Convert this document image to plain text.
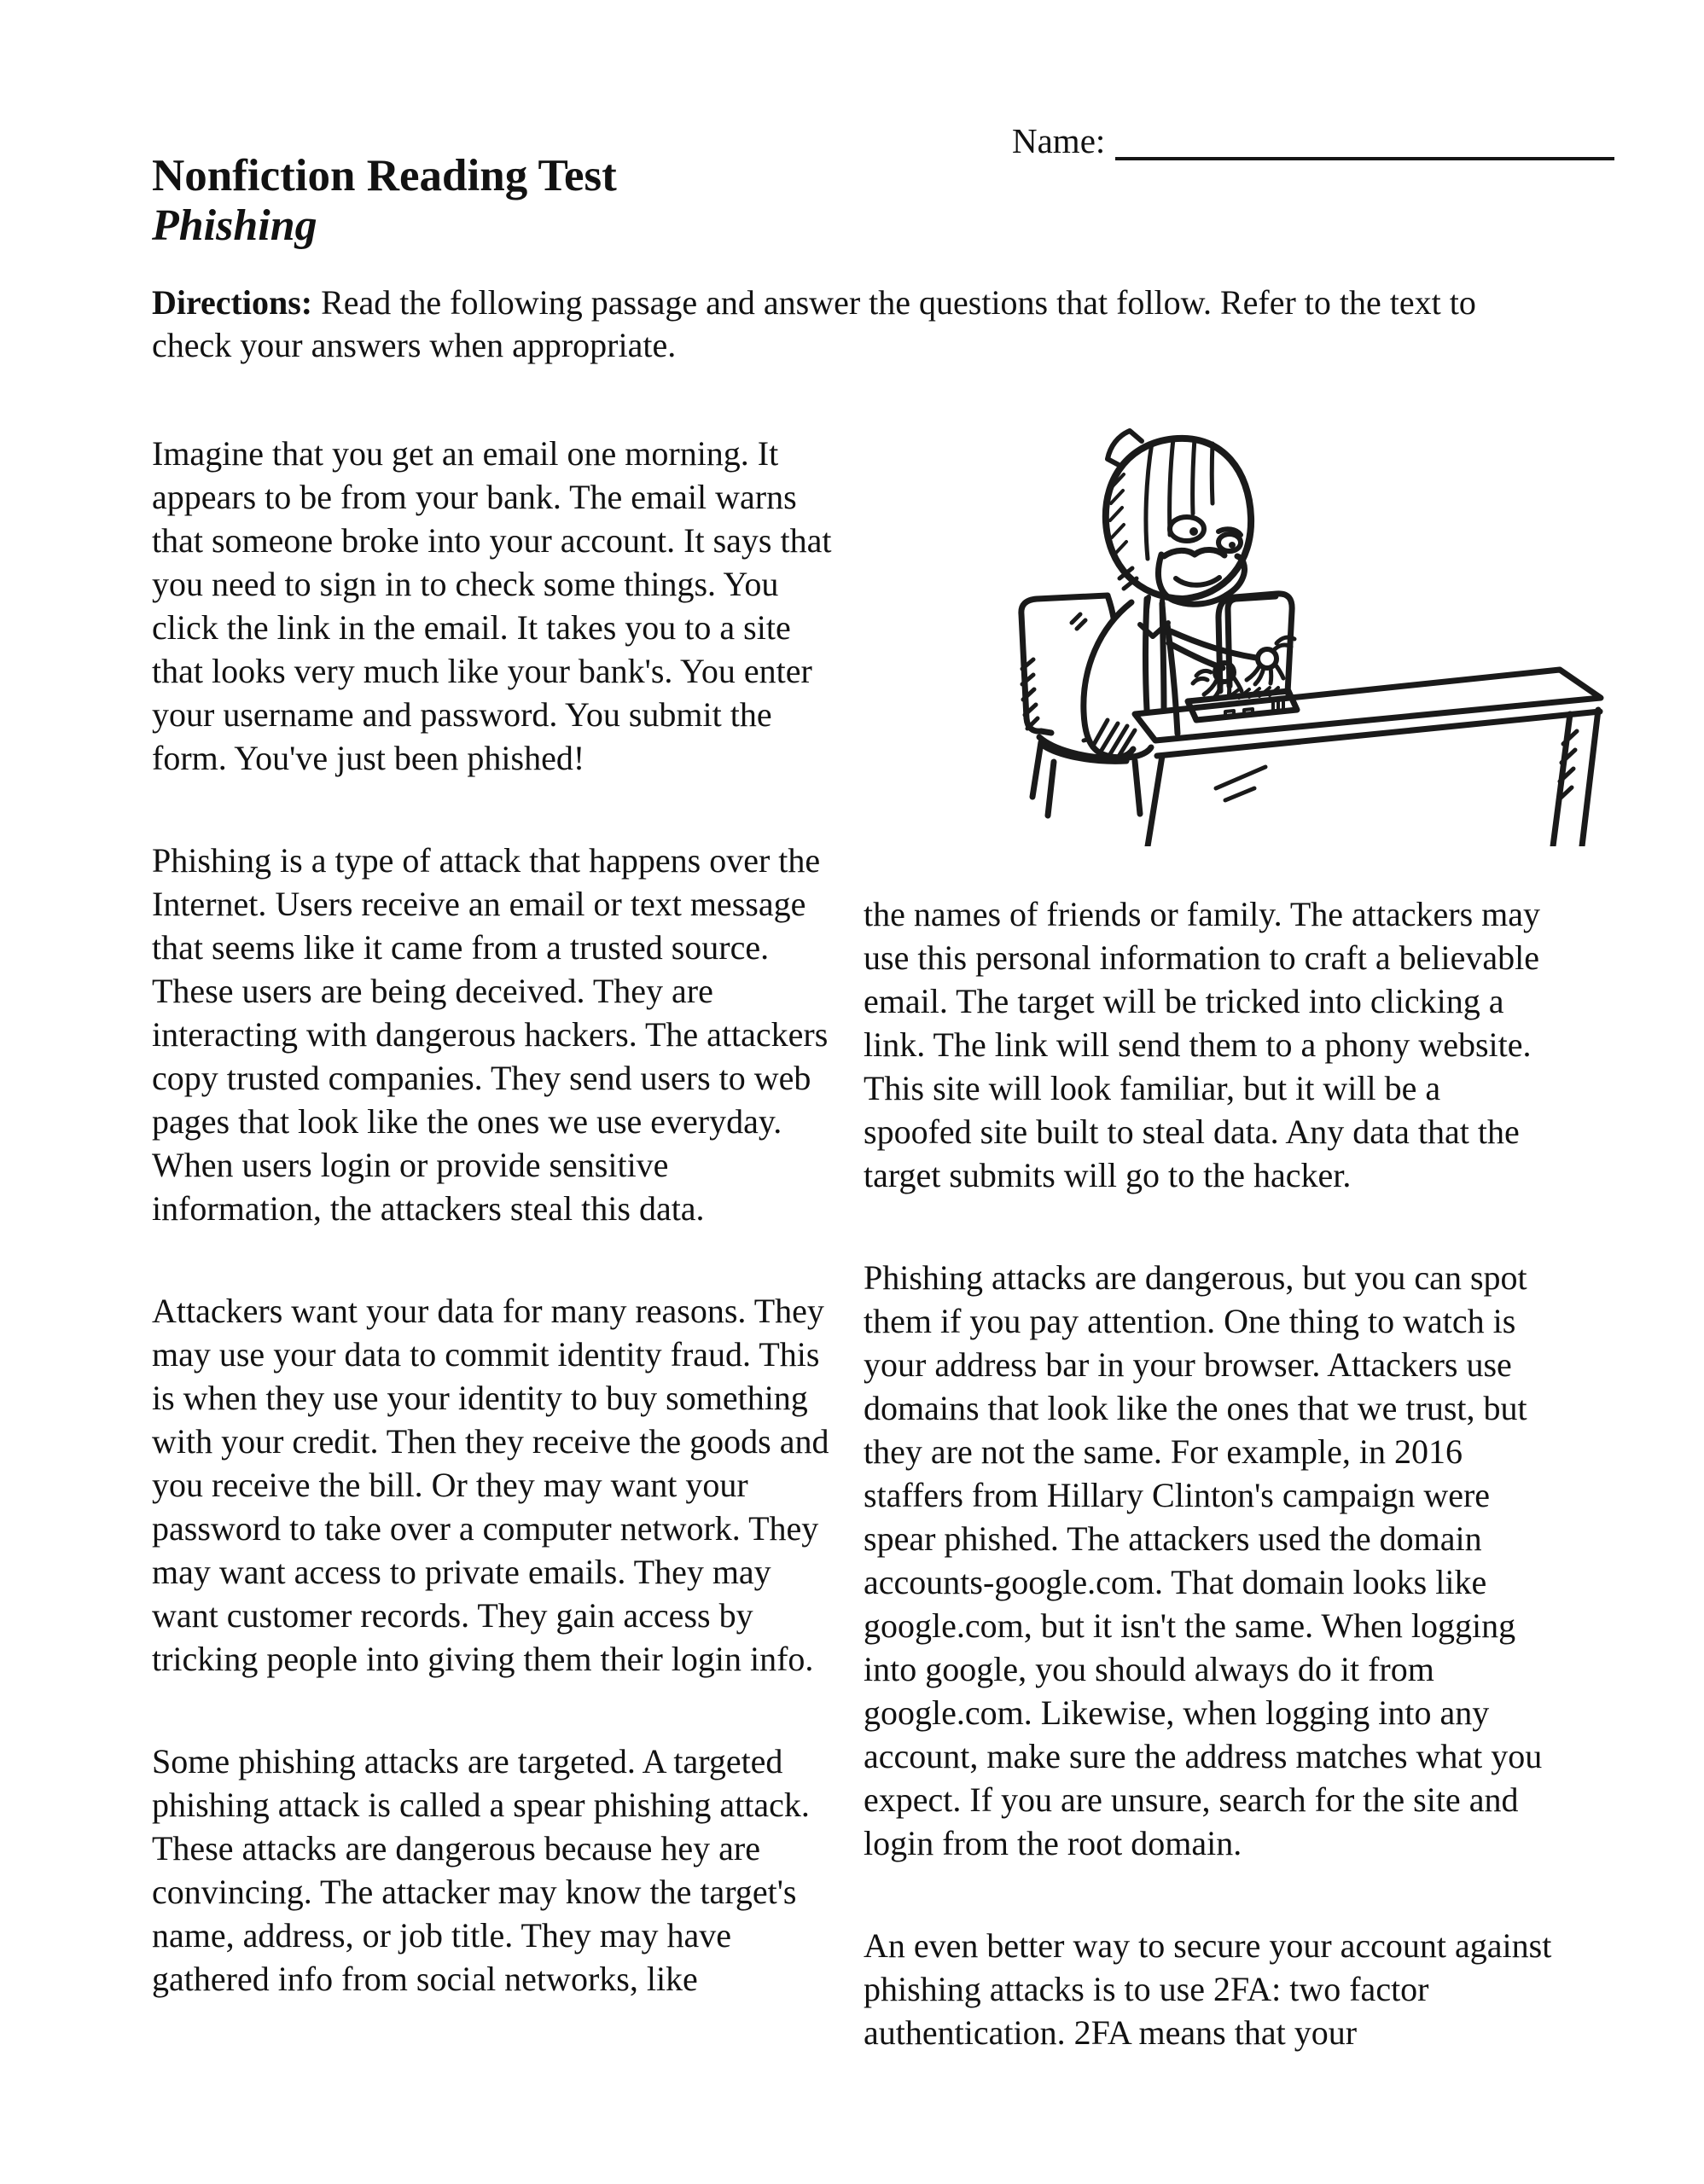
Name:
Nonfiction Reading Test
Phishing
Directions: Read the following passage and answer the questions that follow. Refer to the text to check your answers when appropriate.

Imagine that you get an email one morning. It appears to be from your bank. The email warns that someone broke into your account. It says that you need to sign in to check some things. You click the link in the email. It takes you to a site that looks very much like your bank's. You enter your username and password. You submit the form. You've just been phished!

Phishing is a type of attack that happens over the Internet. Users receive an email or text message that seems like it came from a trusted source. These users are being deceived. They are interacting with dangerous hackers. The attackers copy trusted companies. They send users to web pages that look like the ones we use everyday. When users login or provide sensitive information, the attackers steal this data.

Attackers want your data for many reasons. They may use your data to commit identity fraud. This is when they use your identity to buy something with your credit. Then they receive the goods and you receive the bill. Or they may want your password to take over a computer network. They may want access to private emails. They may want customer records. They gain access by tricking people into giving them their login info.

Some phishing attacks are targeted. A targeted phishing attack is called a spear phishing attack. These attacks are dangerous because hey are convincing. The attacker may know the target's name, address, or job title. They may have gathered info from social networks, like

the names of friends or family. The attackers may use this personal information to craft a believable email. The target will be tricked into clicking a link. The link will send them to a phony website. This site will look familiar, but it will be a spoofed site built to steal data. Any data that the target submits will go to the hacker.

Phishing attacks are dangerous, but you can spot them if you pay attention. One thing to watch is your address bar in your browser. Attackers use domains that look like the ones that we trust, but they are not the same. For example, in 2016 staffers from Hillary Clinton's campaign were spear phished. The attackers used the domain accounts-google.com. That domain looks like google.com, but it isn't the same. When logging into google, you should always do it from google.com. Likewise, when logging into any account, make sure the address matches what you expect. If you are unsure, search for the site and login from the root domain.

An even better way to secure your account against phishing attacks is to use 2FA: two factor authentication. 2FA means that your
